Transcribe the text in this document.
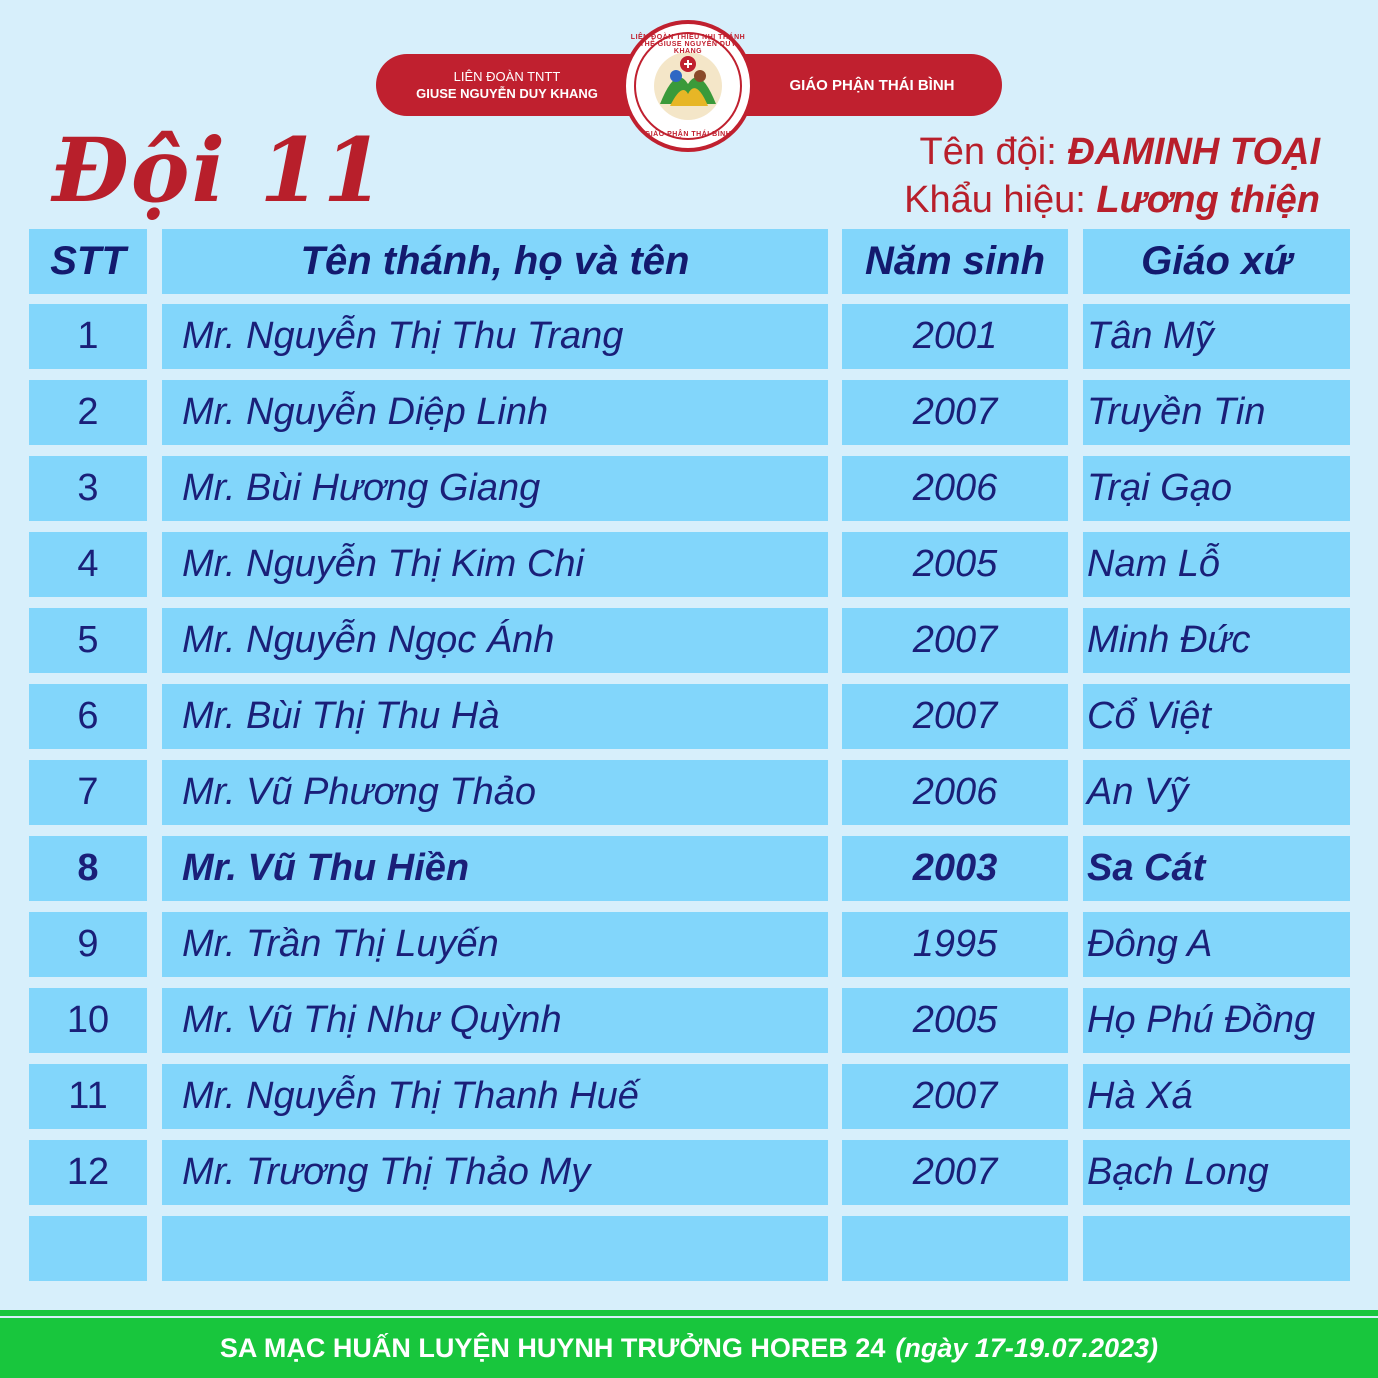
LIÊN ĐOÀN TNTT
GIUSE NGUYỄN DUY KHANG	GIÁO PHẬN THÁI BÌNH
LIÊN ĐOÀN THIẾU NHI THÁNH THỂ GIUSE NGUYỄN DUY KHANG
GIÁO PHẬN THÁI BÌNH
Đội 11	Tên đội: ĐAMINH TOẠI
Khẩu hiệu: Lương thiện
STT	Tên thánh, họ và tên	Năm sinh	Giáo xứ
1	Mr. Nguyễn Thị Thu Trang	2001	Tân Mỹ
2	Mr. Nguyễn Diệp Linh	2007	Truyền Tin
3	Mr. Bùi Hương Giang	2006	Trại Gạo
4	Mr. Nguyễn Thị Kim Chi	2005	Nam Lỗ
5	Mr. Nguyễn Ngọc Ánh	2007	Minh Đức
6	Mr. Bùi Thị Thu Hà	2007	Cổ Việt
7	Mr. Vũ Phương Thảo	2006	An Vỹ
8	Mr. Vũ Thu Hiền	2003	Sa Cát
9	Mr. Trần Thị Luyến	1995	Đông A
10	Mr. Vũ Thị Như Quỳnh	2005	Họ Phú Đồng
11	Mr. Nguyễn Thị Thanh Huế	2007	Hà Xá
12	Mr. Trương Thị Thảo My	2007	Bạch Long
SA MẠC HUẤN LUYỆN HUYNH TRƯỞNG HOREB 24 (ngày 17-19.07.2023)
